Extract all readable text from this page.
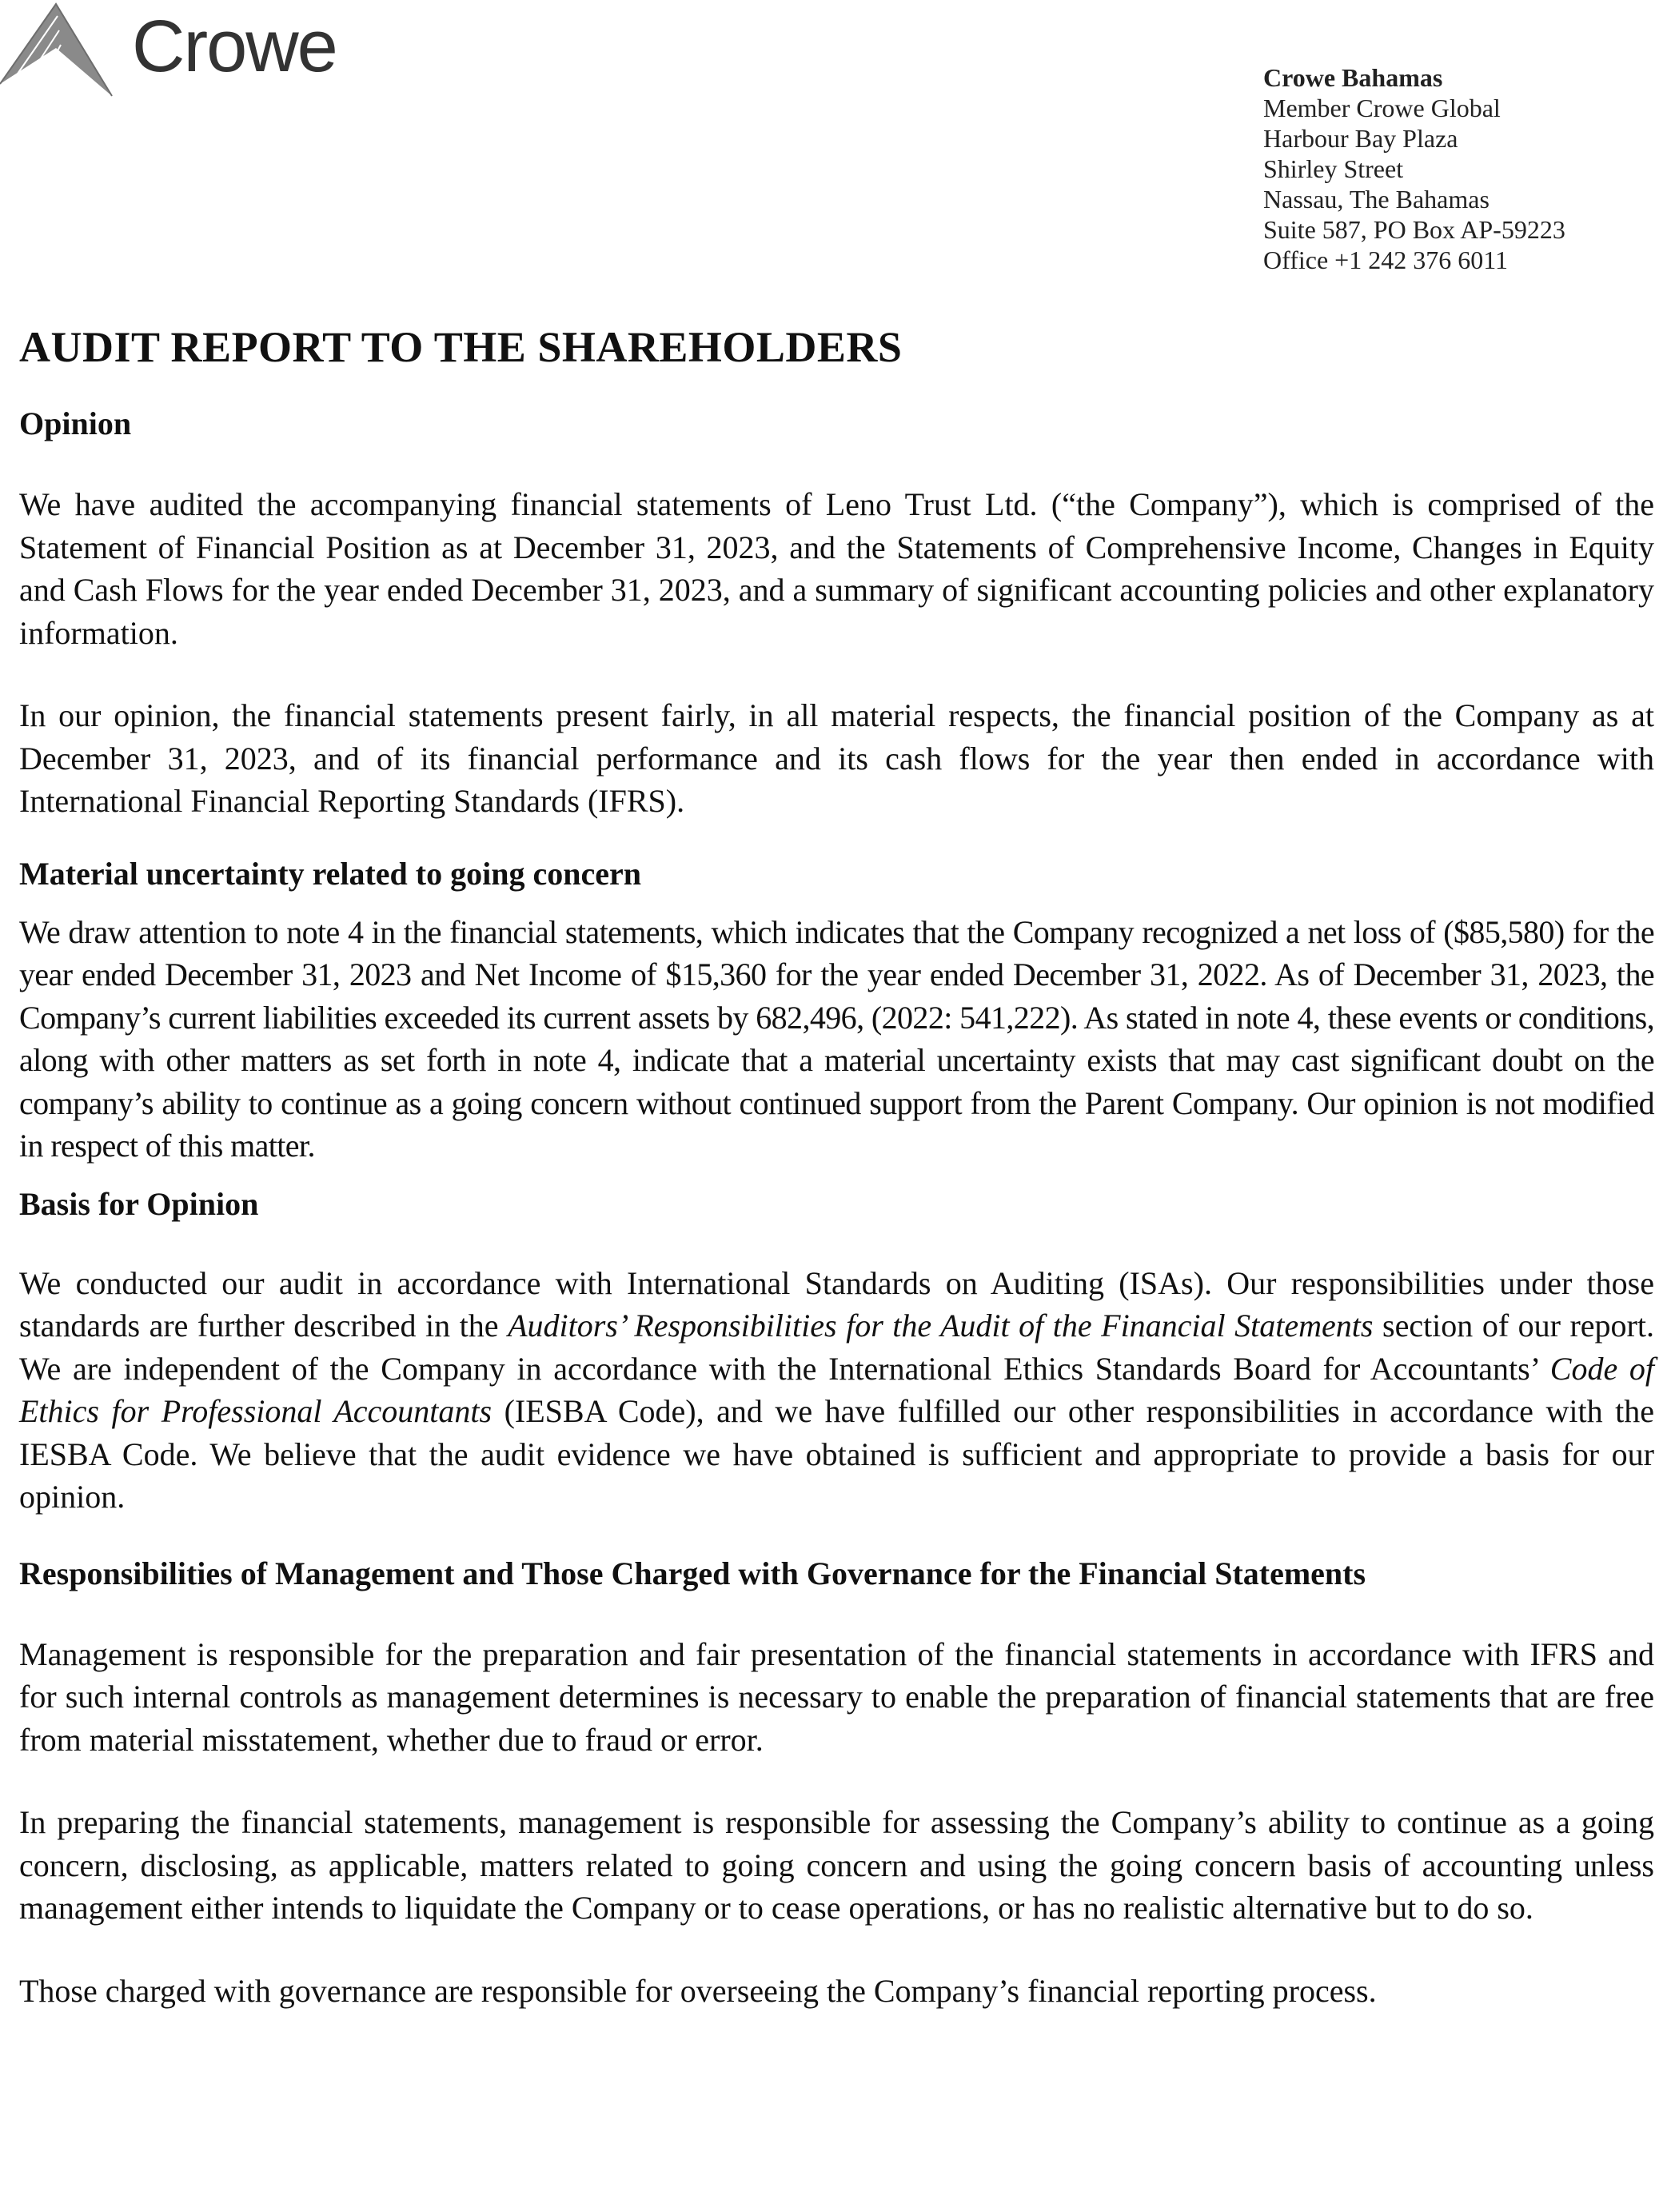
Crowe	Crowe Bahamas
Member Crowe Global
Harbour Bay Plaza
Shirley Street
Nassau, The Bahamas
Suite 587, PO Box AP-59223
Office +1 242 376 6011
AUDIT REPORT TO THE SHAREHOLDERS
Opinion

We have audited the accompanying financial statements of Leno Trust Ltd. (“the Company”), which is comprised of the Statement of Financial Position as at December 31, 2023, and the Statements of Comprehensive Income, Changes in Equity and Cash Flows for the year ended December 31, 2023, and a summary of significant accounting policies and other explanatory information.

In our opinion, the financial statements present fairly, in all material respects, the financial position of the Company as at December 31, 2023, and of its financial performance and its cash flows for the year then ended in accordance with International Financial Reporting Standards (IFRS).

Material uncertainty related to going concern

We draw attention to note 4 in the financial statements, which indicates that the Company recognized a net loss of ($85,580) for the year ended December 31, 2023 and Net Income of $15,360 for the year ended December 31, 2022. As of December 31, 2023, the Company’s current liabilities exceeded its current assets by 682,496, (2022: 541,222). As stated in note 4, these events or conditions, along with other matters as set forth in note 4, indicate that a material uncertainty exists that may cast significant doubt on the company’s ability to continue as a going concern without continued support from the Parent Company. Our opinion is not modified in respect of this matter.

Basis for Opinion

We conducted our audit in accordance with International Standards on Auditing (ISAs). Our responsibilities under those standards are further described in the Auditors’ Responsibilities for the Audit of the Financial Statements section of our report. We are independent of the Company in accordance with the International Ethics Standards Board for Accountants’ Code of Ethics for Professional Accountants (IESBA Code), and we have fulfilled our other responsibilities in accordance with the IESBA Code. We believe that the audit evidence we have obtained is sufficient and appropriate to provide a basis for our opinion.

Responsibilities of Management and Those Charged with Governance for the Financial Statements

Management is responsible for the preparation and fair presentation of the financial statements in accordance with IFRS and for such internal controls as management determines is necessary to enable the preparation of financial statements that are free from material misstatement, whether due to fraud or error.

In preparing the financial statements, management is responsible for assessing the Company’s ability to continue as a going concern, disclosing, as applicable, matters related to going concern and using the going concern basis of accounting unless management either intends to liquidate the Company or to cease operations, or has no realistic alternative but to do so.

Those charged with governance are responsible for overseeing the Company’s financial reporting process.
